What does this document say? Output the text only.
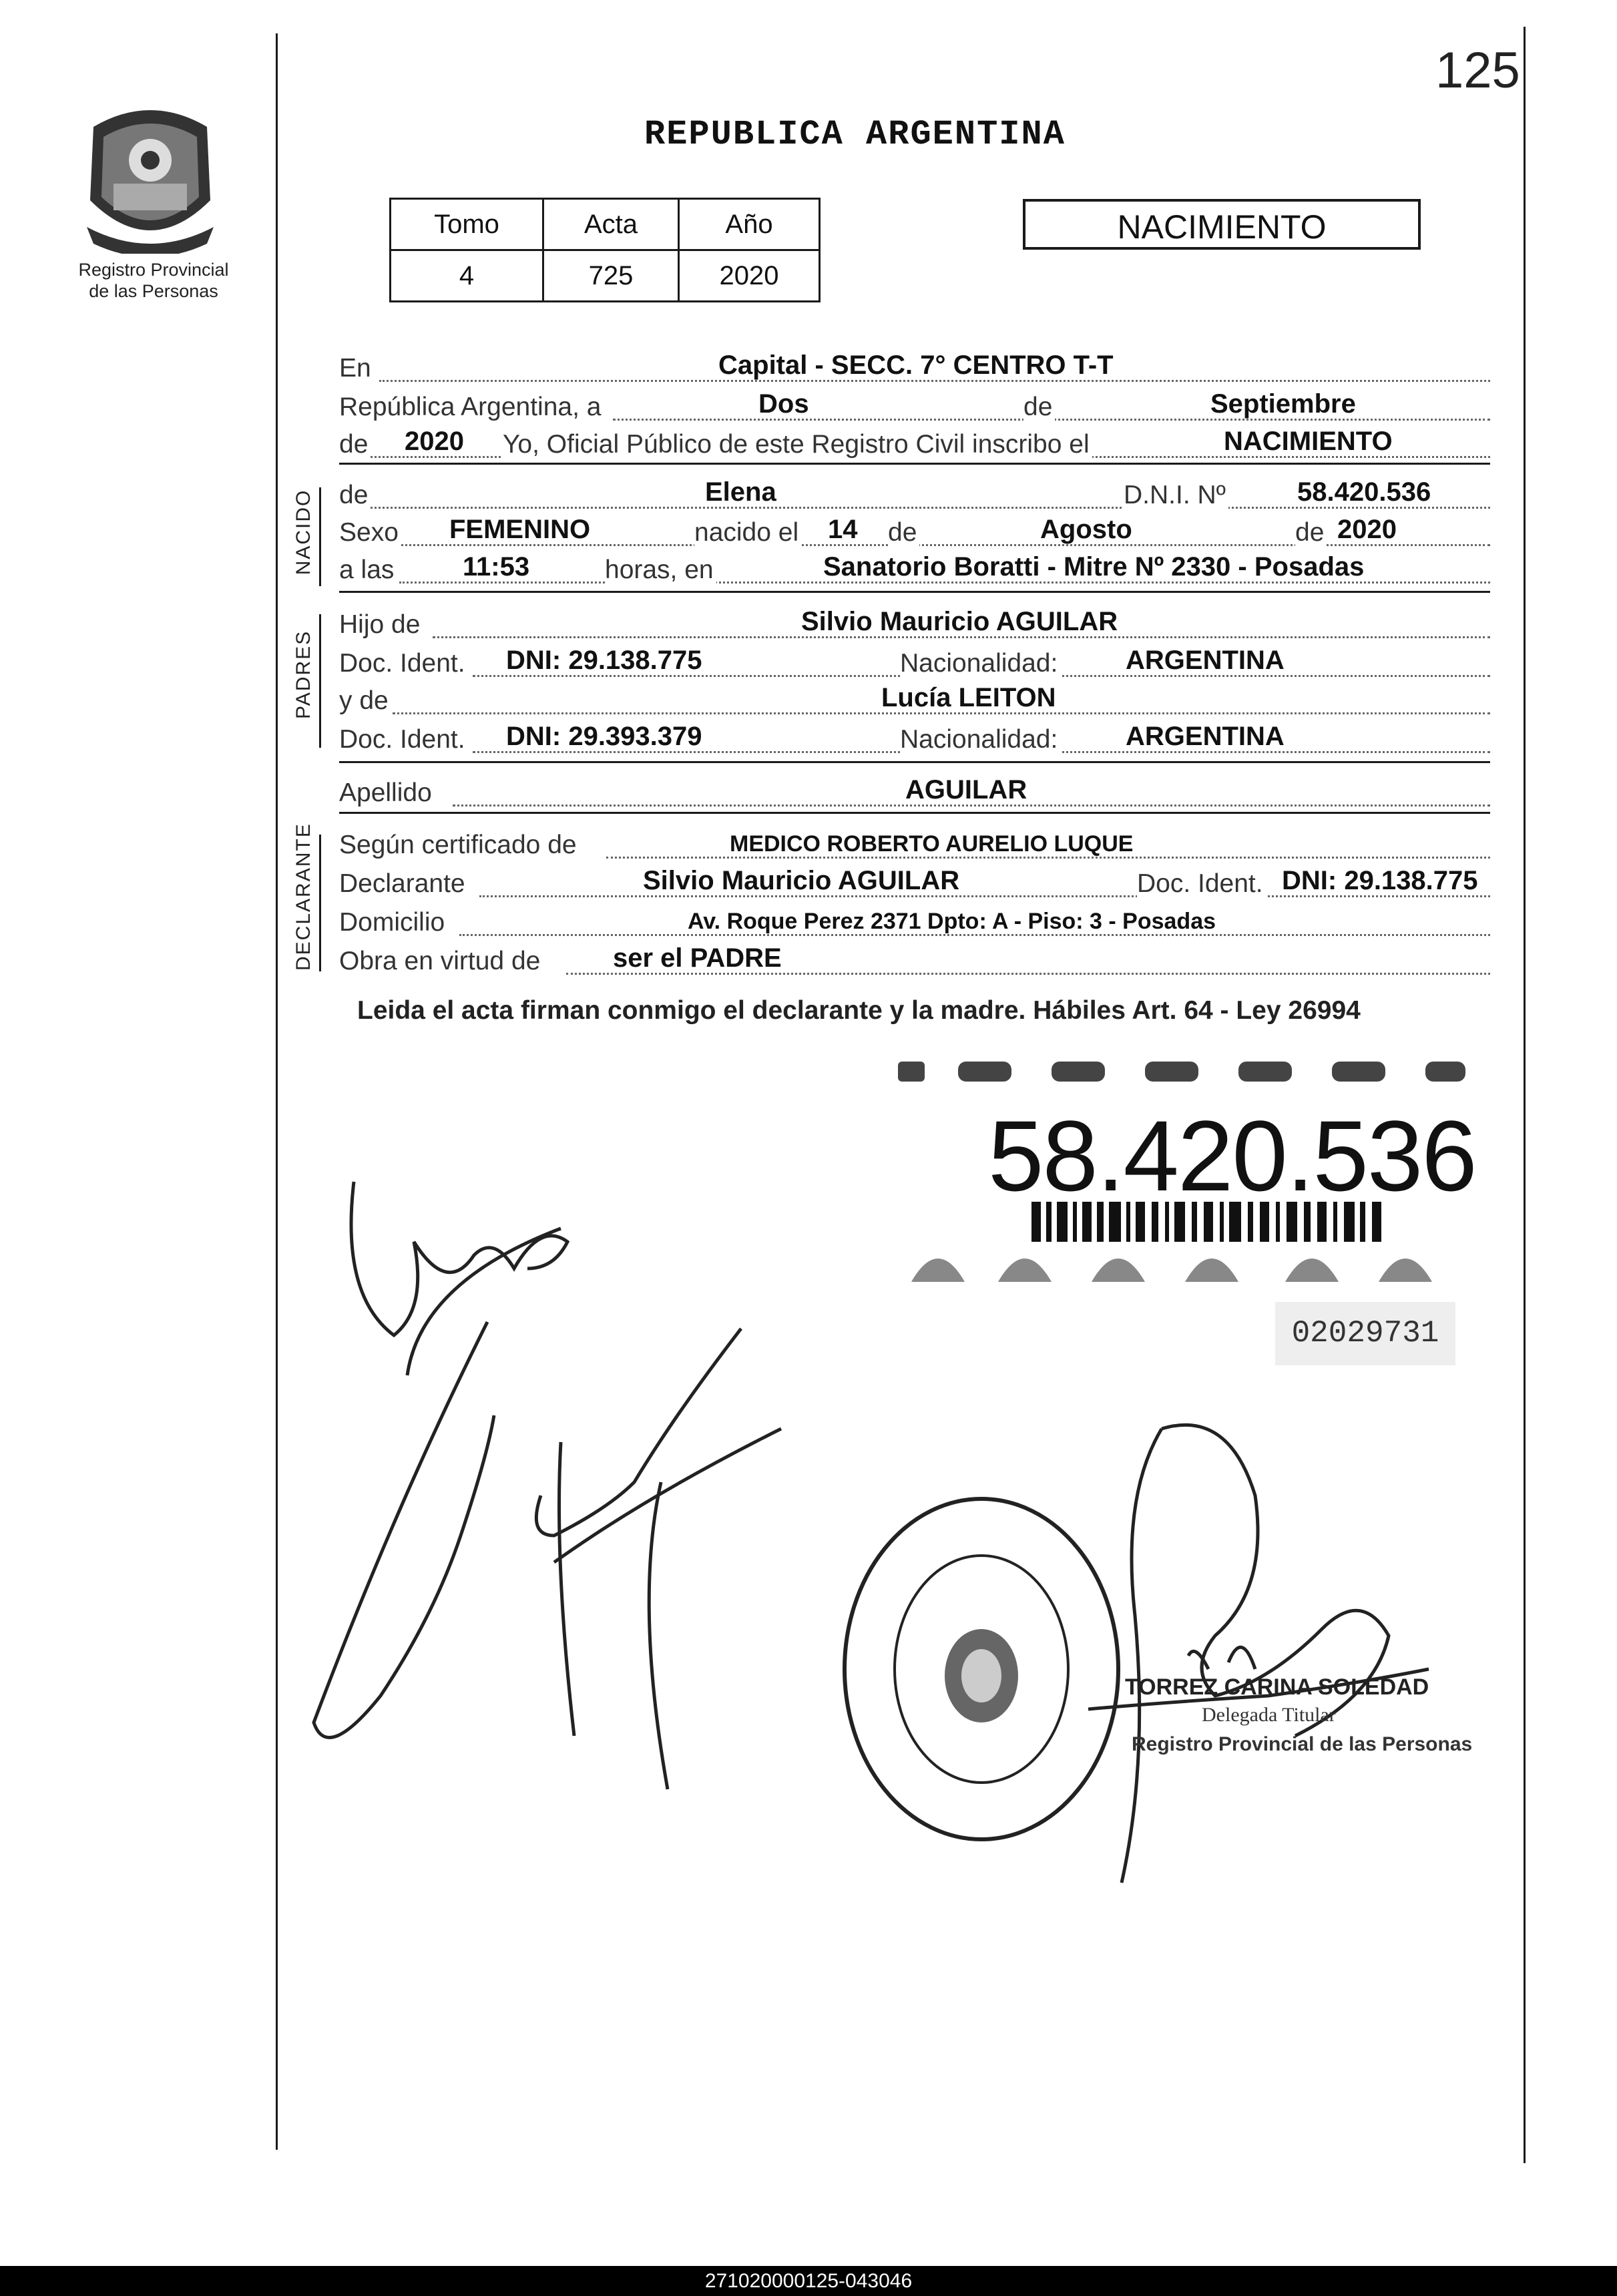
125
Registro Provincial
de las Personas
REPUBLICA ARGENTINA
Tomo	Acta	Año
4	725	2020
NACIMIENTO
En	Capital - SECC. 7° CENTRO T-T
República Argentina, a	Dos	de	Septiembre
de 2020 Yo, Oficial Público de este Registro Civil inscribo el	NACIMIENTO
NACIDO de	Elena	D.N.I. Nº	58.420.536
Sexo FEMENINO	nacido el 14 de	Agosto	de 2020
a las	11:53	horas, en	Sanatorio Boratti - Mitre Nº 2330 - Posadas
PADRES
Hijo de	Silvio Mauricio AGUILAR
Doc. Ident. DNI: 29.138.775	Nacionalidad:	ARGENTINA
y de	Lucía LEITON
Doc. Ident. DNI: 29.393.379	Nacionalidad:	ARGENTINA
Apellido	AGUILAR
DECLARANTE Según certificado de	MEDICO ROBERTO AURELIO LUQUE
Declarante	Silvio Mauricio AGUILAR	Doc. Ident. DNI: 29.138.775
Domicilio	Av. Roque Perez 2371 Dpto: A - Piso: 3 - Posadas
Obra en virtud de	ser el PADRE
Leida el acta firman conmigo el declarante y la madre. Hábiles Art. 64 - Ley 26994
58.420.536
02029731
TORREZ CARINA SOLEDAD
Delegada Titular
Registro Provincial de las Personas
271020000125-043046
